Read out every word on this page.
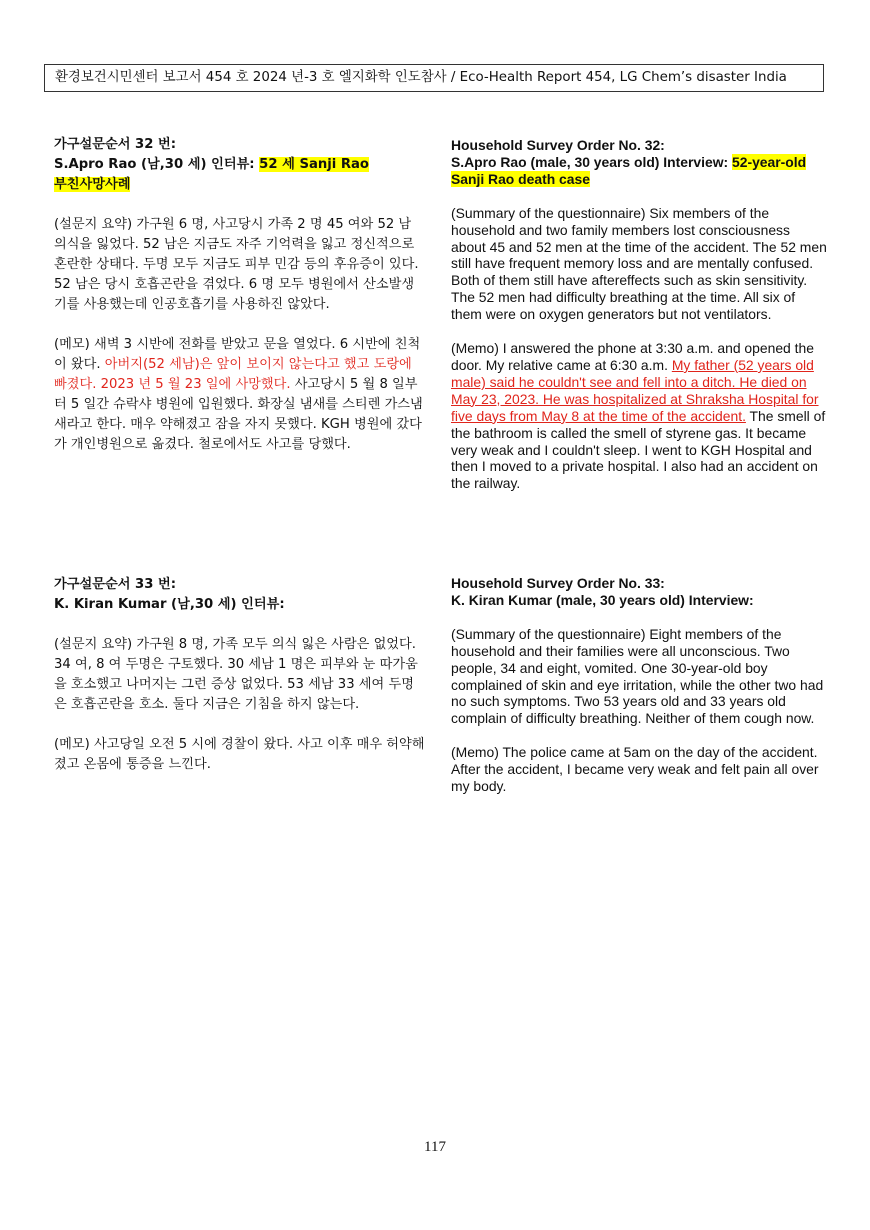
환경보건시민센터 보고서 454 호 2024 년-3 호 엘지화학 인도참사 / Eco-Health Report 454, LG Chem’s disaster India

가구설문순서 32 번:

S.Apro Rao (남,30 세) 인터뷰: 52 세 Sanji Rao

부친사망사례

(설문지 요약) 가구원 6 명, 사고당시 가족 2 명 45 여와 52 남 의식을 잃었다. 52 남은 지금도 자주 기억력을 잃고 정신적으로 혼란한 상태다. 두명 모두 지금도 피부 민감 등의 후유증이 있다. 52 남은 당시 호흡곤란을 겪었다. 6 명 모두 병원에서 산소발생기를 사용했는데 인공호흡기를 사용하진 않았다.

(메모) 새벽 3 시반에 전화를 받았고 문을 열었다. 6 시반에 친척이 왔다. 아버지(52 세남)은 앞이 보이지 않는다고 했고 도랑에 빠졌다. 2023 년 5 월 23 일에 사망했다. 사고당시 5 월 8 일부터 5 일간 슈락샤 병원에 입원했다. 화장실 냄새를 스티렌 가스냄새라고 한다. 매우 약해졌고 잠을 자지 못했다. KGH 병원에 갔다가 개인병원으로 옮겼다. 철로에서도 사고를 당했다.

Household Survey Order No. 32:

S.Apro Rao (male, 30 years old) Interview: 52-year-old Sanji Rao death case

(Summary of the questionnaire) Six members of the household and two family members lost consciousness about 45 and 52 men at the time of the accident. The 52 men still have frequent memory loss and are mentally confused. Both of them still have aftereffects such as skin sensitivity. The 52 men had difficulty breathing at the time. All six of them were on oxygen generators but not ventilators.

(Memo) I answered the phone at 3:30 a.m. and opened the door. My relative came at 6:30 a.m. My father (52 years old male) said he couldn't see and fell into a ditch. He died on May 23, 2023. He was hospitalized at Shraksha Hospital for five days from May 8 at the time of the accident. The smell of the bathroom is called the smell of styrene gas. It became very weak and I couldn't sleep. I went to KGH Hospital and then I moved to a private hospital. I also had an accident on the railway.

가구설문순서 33 번:

K. Kiran Kumar (남,30 세) 인터뷰:

(설문지 요약) 가구원 8 명, 가족 모두 의식 잃은 사람은 없었다. 34 여, 8 여 두명은 구토했다. 30 세남 1 명은 피부와 눈 따가움을 호소했고 나머지는 그런 증상 없었다. 53 세남 33 세여 두명은 호흡곤란을 호소. 둘다 지금은 기침을 하지 않는다.

(메모) 사고당일 오전 5 시에 경찰이 왔다. 사고 이후 매우 허약해졌고 온몸에 통증을 느낀다.

Household Survey Order No. 33:

K. Kiran Kumar (male, 30 years old) Interview:

(Summary of the questionnaire) Eight members of the household and their families were all unconscious. Two people, 34 and eight, vomited. One 30-year-old boy complained of skin and eye irritation, while the other two had no such symptoms. Two 53 years old and 33 years old complain of difficulty breathing. Neither of them cough now.

(Memo) The police came at 5am on the day of the accident. After the accident, I became very weak and felt pain all over my body.

117
